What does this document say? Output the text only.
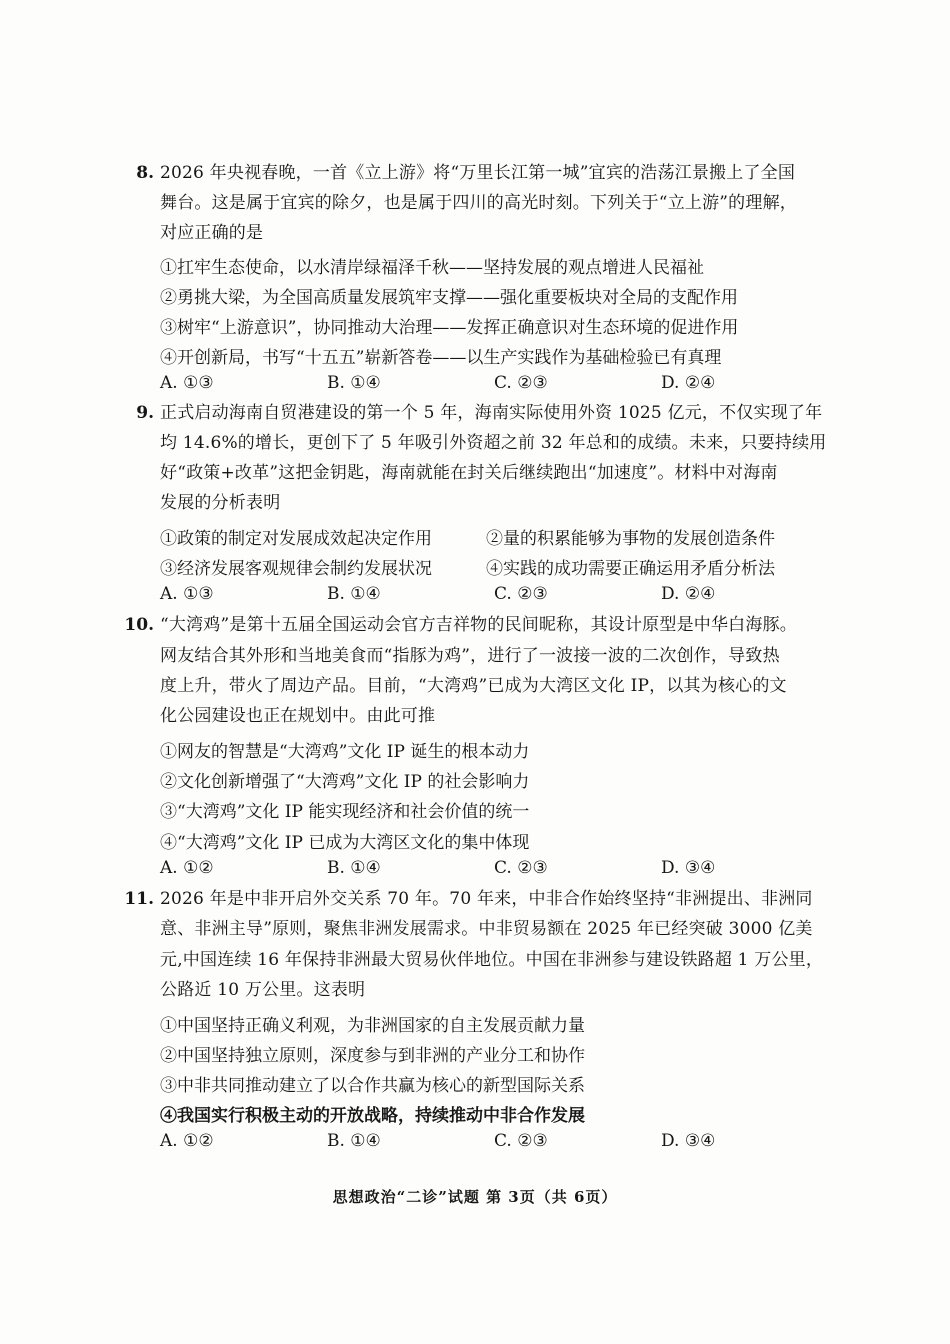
8. 2026 年央视春晚，一首《立上游》将“万里长江第一城”宜宾的浩荡江景搬上了全国
舞台。这是属于宜宾的除夕，也是属于四川的高光时刻。下列关于“立上游”的理解，
对应正确的是
①扛牢生态使命，以水清岸绿福泽千秋——坚持发展的观点增进人民福祉
②勇挑大梁，为全国高质量发展筑牢支撑——强化重要板块对全局的支配作用
③树牢“上游意识”，协同推动大治理——发挥正确意识对生态环境的促进作用
④开创新局，书写“十五五”崭新答卷——以生产实践作为基础检验已有真理
A. ①③	B. ①④	C. ②③	D. ②④
9. 正式启动海南自贸港建设的第一个 5 年，海南实际使用外资 1025 亿元，不仅实现了年
均 14.6%的增长，更创下了 5 年吸引外资超之前 32 年总和的成绩。未来，只要持续用
好“政策+改革”这把金钥匙，海南就能在封关后继续跑出“加速度”。材料中对海南
发展的分析表明
①政策的制定对发展成效起决定作用	②量的积累能够为事物的发展创造条件
③经济发展客观规律会制约发展状况	④实践的成功需要正确运用矛盾分析法
A. ①③	B. ①④	C. ②③	D. ②④
10. “大湾鸡”是第十五届全国运动会官方吉祥物的民间昵称，其设计原型是中华白海豚。
网友结合其外形和当地美食而“指豚为鸡”，进行了一波接一波的二次创作，导致热
度上升，带火了周边产品。目前，“大湾鸡”已成为大湾区文化 IP，以其为核心的文
化公园建设也正在规划中。由此可推
①网友的智慧是“大湾鸡”文化 IP 诞生的根本动力
②文化创新增强了“大湾鸡”文化 IP 的社会影响力
③“大湾鸡”文化 IP 能实现经济和社会价值的统一
④“大湾鸡”文化 IP 已成为大湾区文化的集中体现
A. ①②	B. ①④	C. ②③	D. ③④
11. 2026 年是中非开启外交关系 70 年。70 年来，中非合作始终坚持“非洲提出、非洲同
意、非洲主导”原则，聚焦非洲发展需求。中非贸易额在 2025 年已经突破 3000 亿美
元,中国连续 16 年保持非洲最大贸易伙伴地位。中国在非洲参与建设铁路超 1 万公里，
公路近 10 万公里。这表明
①中国坚持正确义利观，为非洲国家的自主发展贡献力量
②中国坚持独立原则，深度参与到非洲的产业分工和协作
③中非共同推动建立了以合作共赢为核心的新型国际关系
④我国实行积极主动的开放战略，持续推动中非合作发展
A. ①②	B. ①④	C. ②③	D. ③④
思想政治“二诊”试题 第 3页（共 6页）
